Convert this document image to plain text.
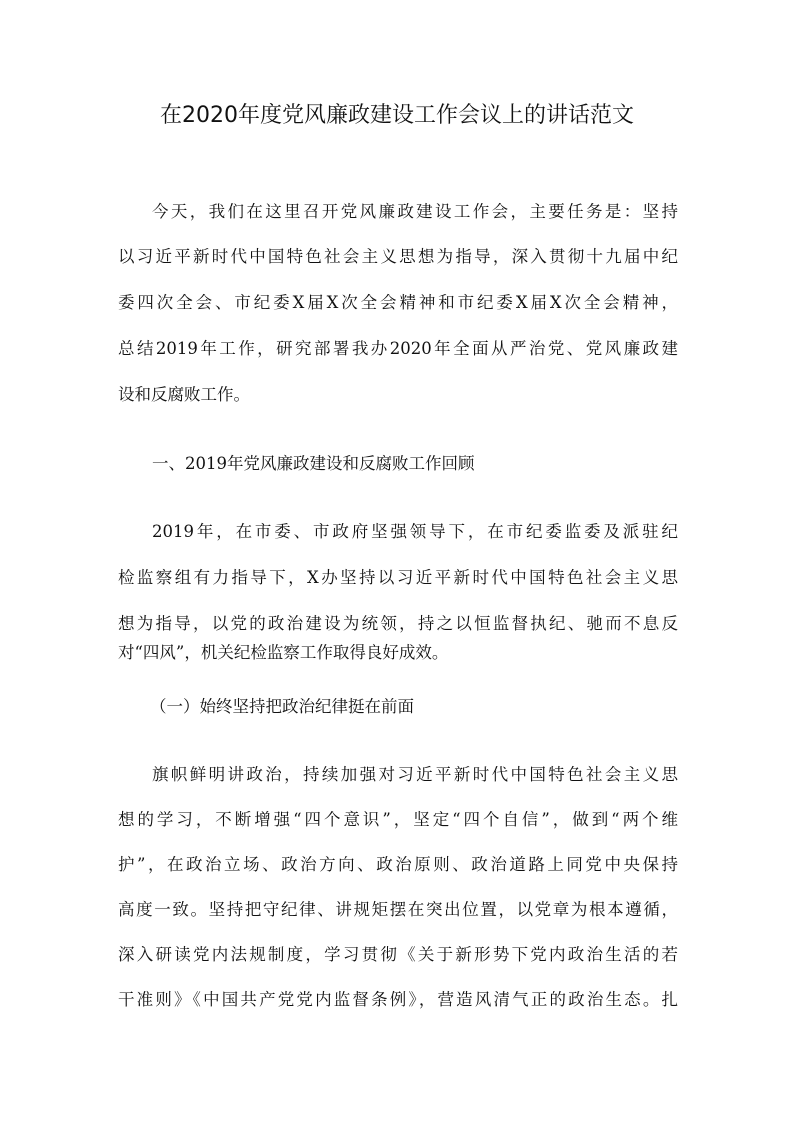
在2020年度党风廉政建设工作会议上的讲话范文
今天，我们在这里召开党风廉政建设工作会，主要任务是：坚持
以习近平新时代中国特色社会主义思想为指导，深入贯彻十九届中纪
委四次全会、市纪委X届X次全会精神和市纪委X届X次全会精神，
总结2019年工作，研究部署我办2020年全面从严治党、党风廉政建
设和反腐败工作。
一、2019年党风廉政建设和反腐败工作回顾
2019年，在市委、市政府坚强领导下，在市纪委监委及派驻纪
检监察组有力指导下，X办坚持以习近平新时代中国特色社会主义思
想为指导，以党的政治建设为统领，持之以恒监督执纪、驰而不息反
对“四风”，机关纪检监察工作取得良好成效。
（一）始终坚持把政治纪律挺在前面
旗帜鲜明讲政治，持续加强对习近平新时代中国特色社会主义思
想的学习，不断增强“四个意识”，坚定“四个自信”，做到“两个维
护”，在政治立场、政治方向、政治原则、政治道路上同党中央保持
高度一致。坚持把守纪律、讲规矩摆在突出位置，以党章为根本遵循，
深入研读党内法规制度，学习贯彻《关于新形势下党内政治生活的若
干准则》《中国共产党党内监督条例》，营造风清气正的政治生态。扎
